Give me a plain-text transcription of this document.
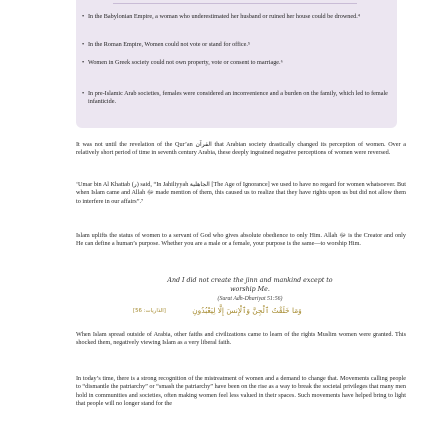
• In the Babylonian Empire, a woman who underestimated her husband or ruined her house could be drowned.⁴
• In the Roman Empire, Women could not vote or stand for office.⁵
• Women in Greek society could not own property, vote or consent to marriage.⁶
• In pre-Islamic Arab societies, females were considered an inconvenience and a burden on the family, which led to female infanticide.

It was not until the revelation of the Qur’an القرآن that Arabian society drastically changed its perception of women. Over a relatively short period of time in seventh century Arabia, these deeply ingrained negative perceptions of women were reversed.

‘Umar bin Al Khattab (ر) said, “In Jahiliyyah الجاهلية [The Age of Ignorance] we used to have no regard for women whatsoever. But when Islam came and Allah ﷻ made mention of them, this caused us to realize that they have rights upon us but did not allow them to interfere in our affairs”.⁷

Islam uplifts the status of women to a servant of God who gives absolute obedience to only Him. Allah ﷻ is the Creator and only He can define a human’s purpose. Whether you are a male or a female, your purpose is the same—to worship Him.

And I did not create the jinn and mankind except to worship Me.

(Surat Adh-Dhariyat 51:56)
[الذاريات: 56]	وَمَا خَلَقْتُ ٱلْجِنَّ وَٱلْإِنسَ إِلَّا لِيَعْبُدُونِ

When Islam spread outside of Arabia, other faiths and civilizations came to learn of the rights Muslim women were granted. This shocked them, negatively viewing Islam as a very liberal faith.

In today’s time, there is a strong recognition of the mistreatment of women and a demand to change that. Movements calling people to “dismantle the patriarchy” or “smash the patriarchy” have been on the rise as a way to break the societal privileges that many men hold in communities and societies, often making women feel less valued in their spaces. Such movements have helped bring to light that people will no longer stand for the
